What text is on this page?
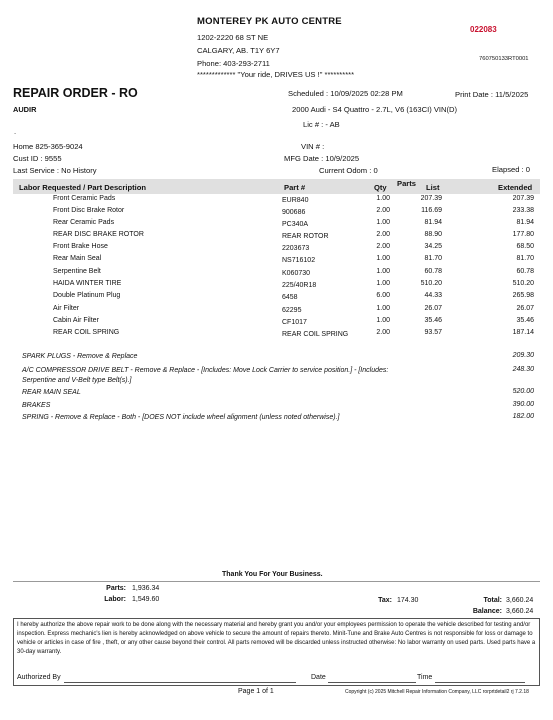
MONTEREY PK AUTO CENTRE
1202-2220 68 ST NE
CALGARY, AB. T1Y 6Y7
Phone: 403-293-2711
************* "Your ride, DRIVES US !" **********
022083
760750133RT0001
REPAIR ORDER - RO	Scheduled : 10/09/2025 02:28 PM	Print Date : 11/5/2025
AUDIR	2000 Audi - S4 Quattro - 2.7L, V6 (163CI) VIN(D)
Lic # : - AB
.
Home 825-365-9024	VIN # :
Cust ID : 9555	MFG Date : 10/9/2025
Last Service : No History	Current Odom : 0	Elapsed : 0
Labor Requested / Part Description	Part #	Qty Parts List	Extended
Front Ceramic Pads	EUR840	1.00	207.39	207.39
Front Disc Brake Rotor	900686	2.00	116.69	233.38
Rear Ceramic Pads	PC340A	1.00	81.94	81.94
REAR DISC BRAKE ROTOR	REAR ROTOR	2.00	88.90	177.80
Front Brake Hose	2203673	2.00	34.25	68.50
Rear Main Seal	NS716102	1.00	81.70	81.70
Serpentine Belt	K060730	1.00	60.78	60.78
HAIDA WINTER TIRE	225/40R18	1.00	510.20	510.20
Double Platinum Plug	6458	6.00	44.33	265.98
Air Filter	62295	1.00	26.07	26.07
Cabin Air Filter	CF1017	1.00	35.46	35.46
REAR COIL SPRING	REAR COIL SPRING	2.00	93.57	187.14
SPARK PLUGS - Remove & Replace	209.30
A/C COMPRESSOR DRIVE BELT - Remove & Replace - [Includes: Move Lock Carrier to service position.] - [Includes: Serpentine and V-Belt type Belt(s).]
248.30
REAR MAIN SEAL	520.00
BRAKES	390.00
SPRING - Remove & Replace - Both - [DOES NOT include wheel alignment (unless noted otherwise).]	182.00
Thank You For Your Business.
Parts: 1,936.34
Labor: 1,549.60	Tax: 174.30	Total: 3,660.24
Balance: 3,660.24
I hereby authorize the above repair work to be done along with the necessary material and hereby grant you and/or your employees permission to operate the vehicle described for testing and/or inspection. Express mechanic's lien is hereby acknowledged on above vehicle to secure the amount of repairs thereto. Minit-Tune and Brake Auto Centres is not responsible for loss or damage to vehicle or articles in case of fire , theft, or any other cause beyond their control. All parts removed will be discarded unless instructed otherwise: No labor warranty on used parts. Used parts have a 30-day warranty.
Authorized By	Date	Time
Page 1 of 1	Copyright (c) 2025 Mitchell Repair Information Company, LLC rorprtdetail2 rj 7.2.18
